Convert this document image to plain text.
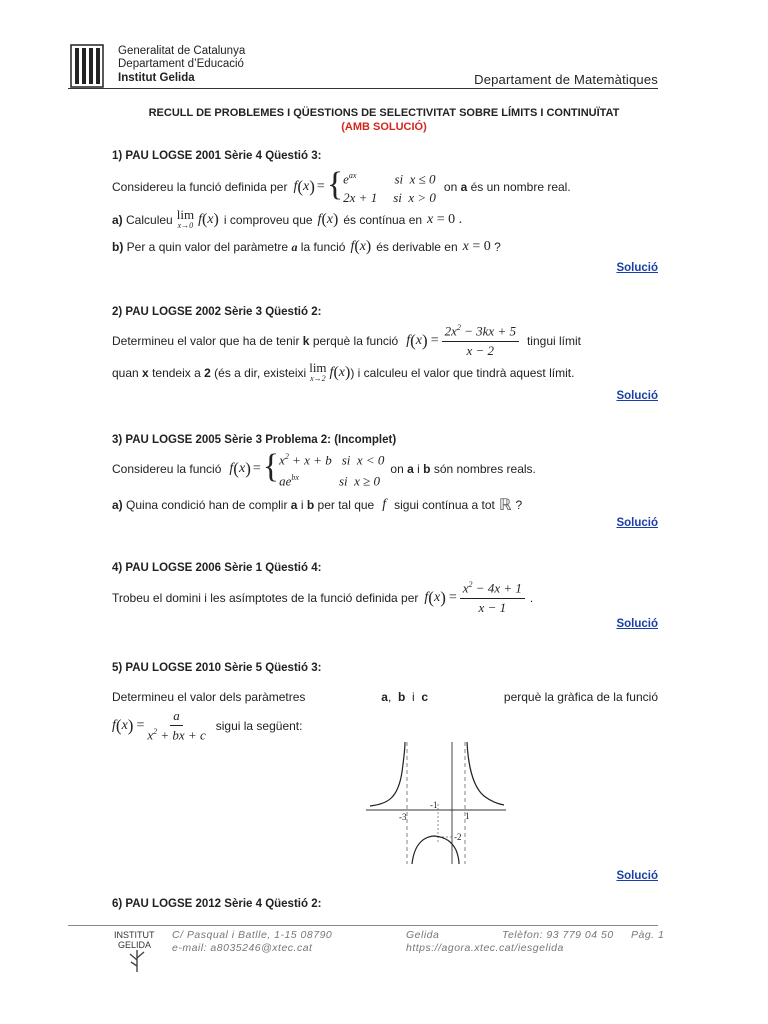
Generalitat de Catalunya
Departament d’Educació
Institut Gelida	Departament de Matemàtiques
RECULL DE PROBLEMES I QÜESTIONS DE SELECTIVITAT SOBRE LÍMITS I CONTINUÏTAT
(AMB SOLUCIÓ)
1) PAU LOGSE 2001 Sèrie 4 Qüestió 3:
Considereu la funció definida per f ( x ) = { $e^{ax}$	si  x ≤ 0
2x + 1 si  x > 0
on a és un nombre real.
a)
Calculeu lim
x→0 f ( x ) i comproveu que f ( x ) és contínua en x = 0 .
b)
Per a quin valor del paràmetre
a
la funció f ( x ) és derivable en x = 0 ?
Solució
2) PAU LOGSE 2002 Sèrie 3 Qüestió 2:
Determineu el valor que ha de tenir
k
perquè la funció f ( x ) = $\frac{2x^2 - 3kx + 5}{x - 2}$ tingui límit
quan
x
tendeix a
2
(és a dir, existeixi lim
x→2 f ( x ) ) i calculeu el valor que tindrà aquest límit.
Solució
3) PAU LOGSE 2005 Sèrie 3 Problema 2: (Incomplet)
Considereu la funció f ( x ) = { $x^2 + x + b$ si  x < 0
$ae^{bx}$	si  x ≥ 0
on a i b són nombres reals.
a)
Quina condició han de complir
a i b
per tal que f sigui contínua a tot ℝ ?
Solució
4) PAU LOGSE 2006 Sèrie 1 Qüestió 4:
Trobeu el domini i les asímptotes de la funció definida per f ( x ) = $\frac{x^2 - 4x + 1}{x - 1}$ .
Solució
5) PAU LOGSE 2010 Sèrie 5 Qüestió 3:
Determineu el valor dels paràmetres	a,  b  i  c	perquè la gràfica de la funció
f ( x ) = $\frac{a}{x^2 + bx + c}$ sigui la següent:
-3
-1
1
-2
Solució
6) PAU LOGSE 2012 Sèrie 4 Qüestió 2:
INSTITUT
GELIDA
C/ Pasqual i Batlle, 1-15 08790	Gelida	Telèfon: 93 779 04 50 Pàg. 1
e-mail: a8035246@xtec.cat	https://agora.xtec.cat/iesgelida
